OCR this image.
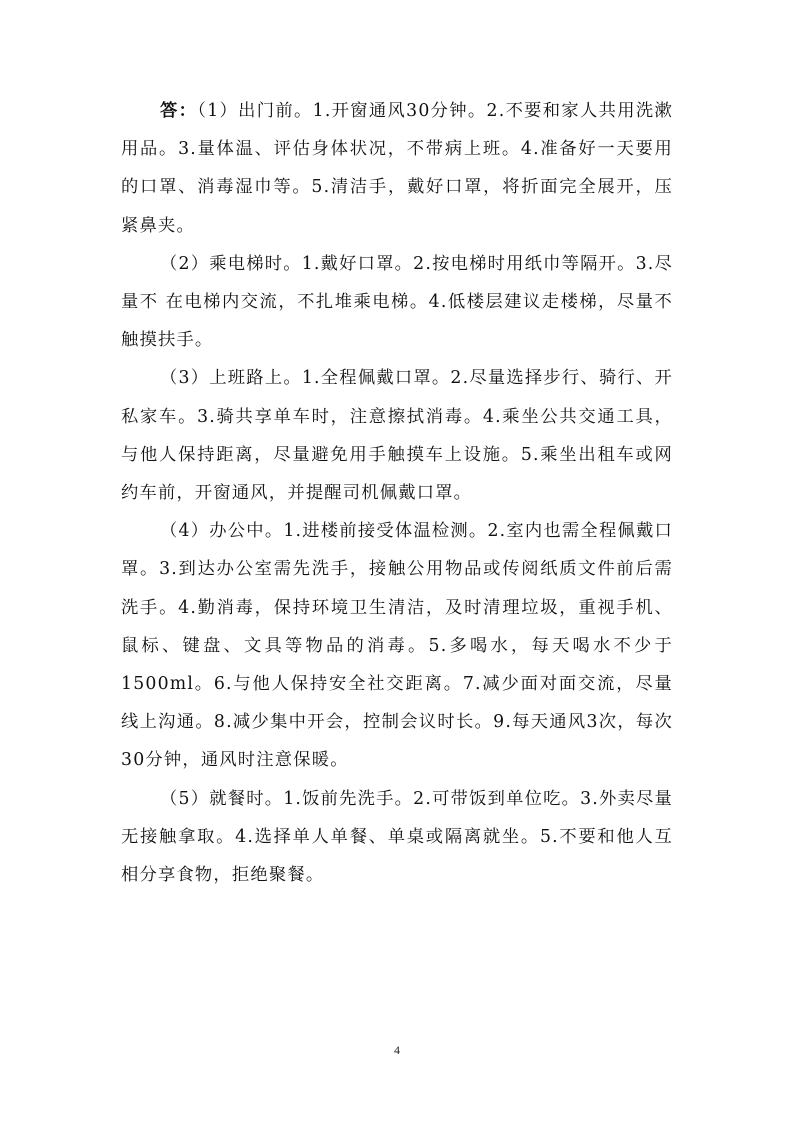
答：（1）出门前。1.开窗通风30分钟。2.不要和家人共用洗漱用品。3.量体温、评估身体状况，不带病上班。4.准备好一天要用的口罩、消毒湿巾等。5.清洁手，戴好口罩，将折面完全展开，压紧鼻夹。

（2）乘电梯时。1.戴好口罩。2.按电梯时用纸巾等隔开。3.尽量不 在电梯内交流，不扎堆乘电梯。4.低楼层建议走楼梯，尽量不触摸扶手。

（3）上班路上。1.全程佩戴口罩。2.尽量选择步行、骑行、开私家车。3.骑共享单车时，注意擦拭消毒。4.乘坐公共交通工具，与他人保持距离，尽量避免用手触摸车上设施。5.乘坐出租车或网约车前，开窗通风，并提醒司机佩戴口罩。

（4）办公中。1.进楼前接受体温检测。2.室内也需全程佩戴口罩。3.到达办公室需先洗手，接触公用物品或传阅纸质文件前后需洗手。4.勤消毒，保持环境卫生清洁，及时清理垃圾，重视手机、鼠标、键盘、文具等物品的消毒。5.多喝水，每天喝水不少于 1500ml。6.与他人保持安全社交距离。7.减少面对面交流，尽量线上沟通。8.减少集中开会，控制会议时长。9.每天通风3次，每次30分钟，通风时注意保暖。

（5）就餐时。1.饭前先洗手。2.可带饭到单位吃。3.外卖尽量无接触拿取。4.选择单人单餐、单桌或隔离就坐。5.不要和他人互相分享食物，拒绝聚餐。

4
